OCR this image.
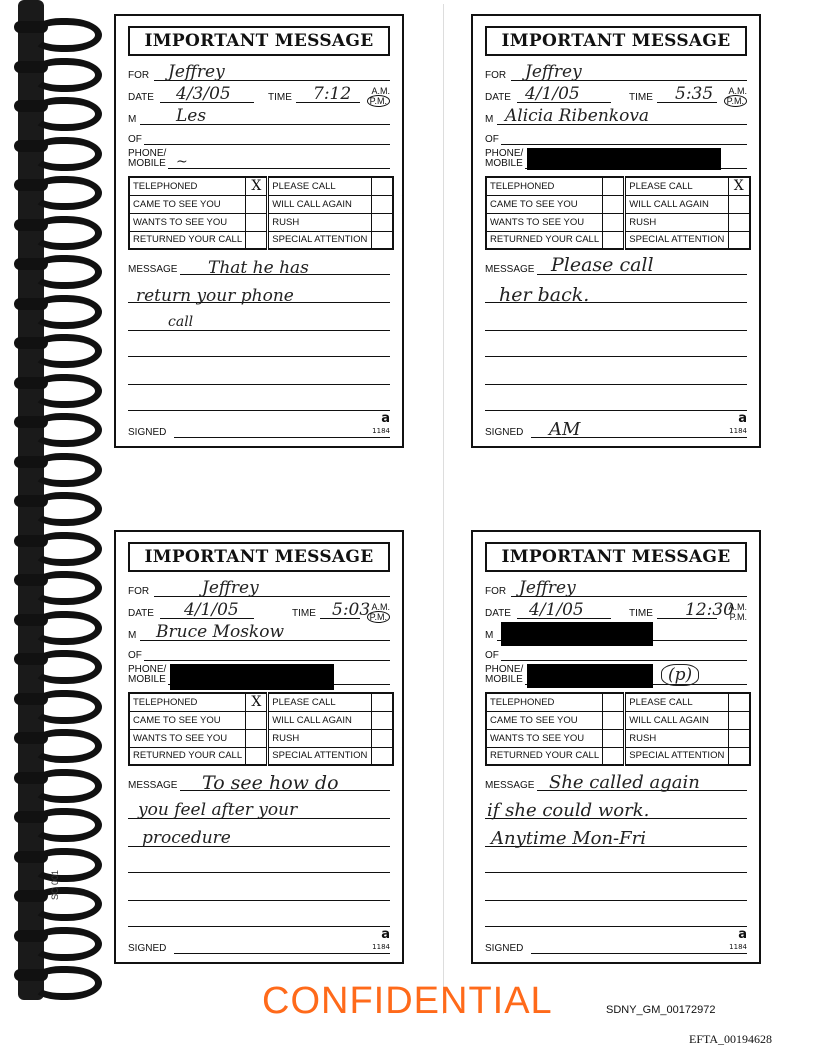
SC 001
IMPORTANT MESSAGE
FOR Jeffrey
DATE 4/3/05	TIME 7:12	A.M.
P.M.
M Les
OF
PHONE/
MOBILE ~
TELEPHONED	X	PLEASE CALL	
CAME TO SEE YOU		WILL CALL AGAIN	
WANTS TO SEE YOU		RUSH	
RETURNED YOUR CALL		SPECIAL ATTENTION	
MESSAGE That he has
return your phone
call
SIGNED
a
1184
IMPORTANT MESSAGE
FOR Jeffrey
DATE 4/1/05	TIME 5:35	A.M.
P.M.
M Alicia Ribenkova
OF
PHONE/
MOBILE
TELEPHONED		PLEASE CALL	X
CAME TO SEE YOU		WILL CALL AGAIN	
WANTS TO SEE YOU		RUSH	
RETURNED YOUR CALL		SPECIAL ATTENTION	
MESSAGE Please call
her back.
SIGNED AM
a
1184
IMPORTANT MESSAGE
FOR	Jeffrey
DATE 4/1/05	TIME 5:03 A.M.
P.M.
M Bruce Moskow
OF
PHONE/
MOBILE
TELEPHONED	X	PLEASE CALL	
CAME TO SEE YOU		WILL CALL AGAIN	
WANTS TO SEE YOU		RUSH	
RETURNED YOUR CALL		SPECIAL ATTENTION	
MESSAGE To see how do
you feel after your
procedure
SIGNED
a
1184
IMPORTANT MESSAGE
FOR Jeffrey
DATE 4/1/05	TIME 12:30
A.M.
P.M.
M
OF
PHONE/
MOBILE	(p)
TELEPHONED		PLEASE CALL	
CAME TO SEE YOU		WILL CALL AGAIN	
WANTS TO SEE YOU		RUSH	
RETURNED YOUR CALL		SPECIAL ATTENTION	
MESSAGE She called again
if she could work.
Anytime Mon-Fri
SIGNED
a
1184
CONFIDENTIAL	SDNY_GM_00172972
EFTA_00194628
